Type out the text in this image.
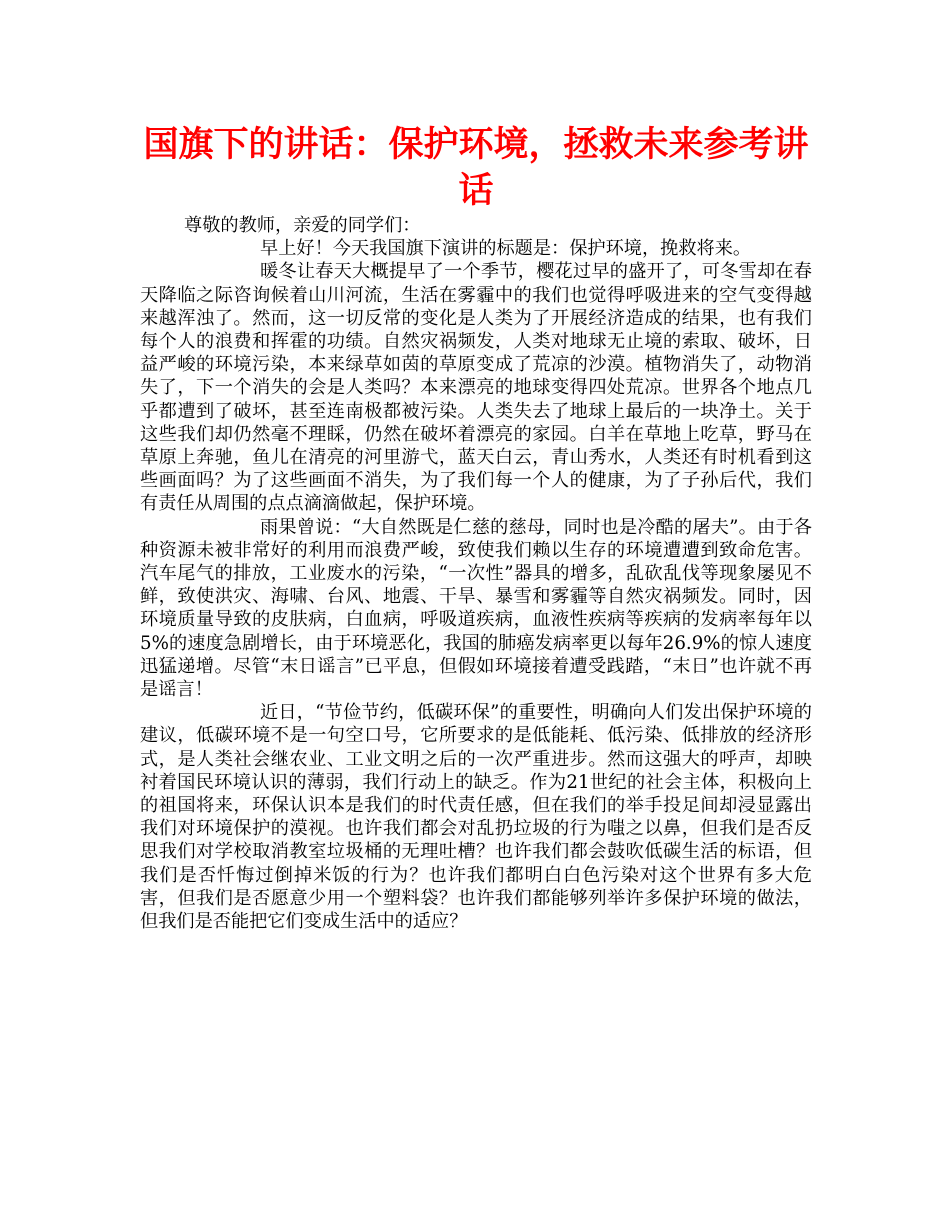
国旗下的讲话：保护环境，拯救未来参考讲话

尊敬的教师，亲爱的同学们：

早上好！今天我国旗下演讲的标题是：保护环境，挽救将来。

暖冬让春天大概提早了一个季节，樱花过早的盛开了，可冬雪却在春天降临之际咨询候着山川河流，生活在雾霾中的我们也觉得呼吸进来的空气变得越来越浑浊了。然而，这一切反常的变化是人类为了开展经济造成的结果，也有我们每个人的浪费和挥霍的功绩。自然灾祸频发，人类对地球无止境的索取、破坏，日益严峻的环境污染，本来绿草如茵的草原变成了荒凉的沙漠。植物消失了，动物消失了，下一个消失的会是人类吗？本来漂亮的地球变得四处荒凉。世界各个地点几乎都遭到了破坏，甚至连南极都被污染。人类失去了地球上最后的一块净土。关于这些我们却仍然毫不理睬，仍然在破坏着漂亮的家园。白羊在草地上吃草，野马在草原上奔驰，鱼儿在清亮的河里游弋，蓝天白云，青山秀水，人类还有时机看到这些画面吗？为了这些画面不消失，为了我们每一个人的健康，为了子孙后代，我们有责任从周围的点点滴滴做起，保护环境。

雨果曾说：“大自然既是仁慈的慈母，同时也是冷酷的屠夫”。由于各种资源未被非常好的利用而浪费严峻，致使我们赖以生存的环境遭遭到致命危害。汽车尾气的排放，工业废水的污染，“一次性”器具的增多，乱砍乱伐等现象屡见不鲜，致使洪灾、海啸、台风、地震、干旱、暴雪和雾霾等自然灾祸频发。同时，因环境质量导致的皮肤病，白血病，呼吸道疾病，血液性疾病等疾病的发病率每年以 5%的速度急剧增长，由于环境恶化，我国的肺癌发病率更以每年26.9%的惊人速度迅猛递增。尽管“末日谣言”已平息，但假如环境接着遭受践踏，“末日”也许就不再是谣言！

近日，“节俭节约，低碳环保”的重要性，明确向人们发出保护环境的建议，低碳环境不是一句空口号，它所要求的是低能耗、低污染、低排放的经济形式，是人类社会继农业、工业文明之后的一次严重进步。然而这强大的呼声，却映衬着国民环境认识的薄弱，我们行动上的缺乏。作为21世纪的社会主体，积极向上的祖国将来，环保认识本是我们的时代责任感，但在我们的举手投足间却浸显露出我们对环境保护的漠视。也许我们都会对乱扔垃圾的行为嗤之以鼻，但我们是否反思我们对学校取消教室垃圾桶的无理吐槽？也许我们都会鼓吹低碳生活的标语，但我们是否忏悔过倒掉米饭的行为？也许我们都明白白色污染对这个世界有多大危害，但我们是否愿意少用一个塑料袋？也许我们都能够列举许多保护环境的做法，但我们是否能把它们变成生活中的适应？
